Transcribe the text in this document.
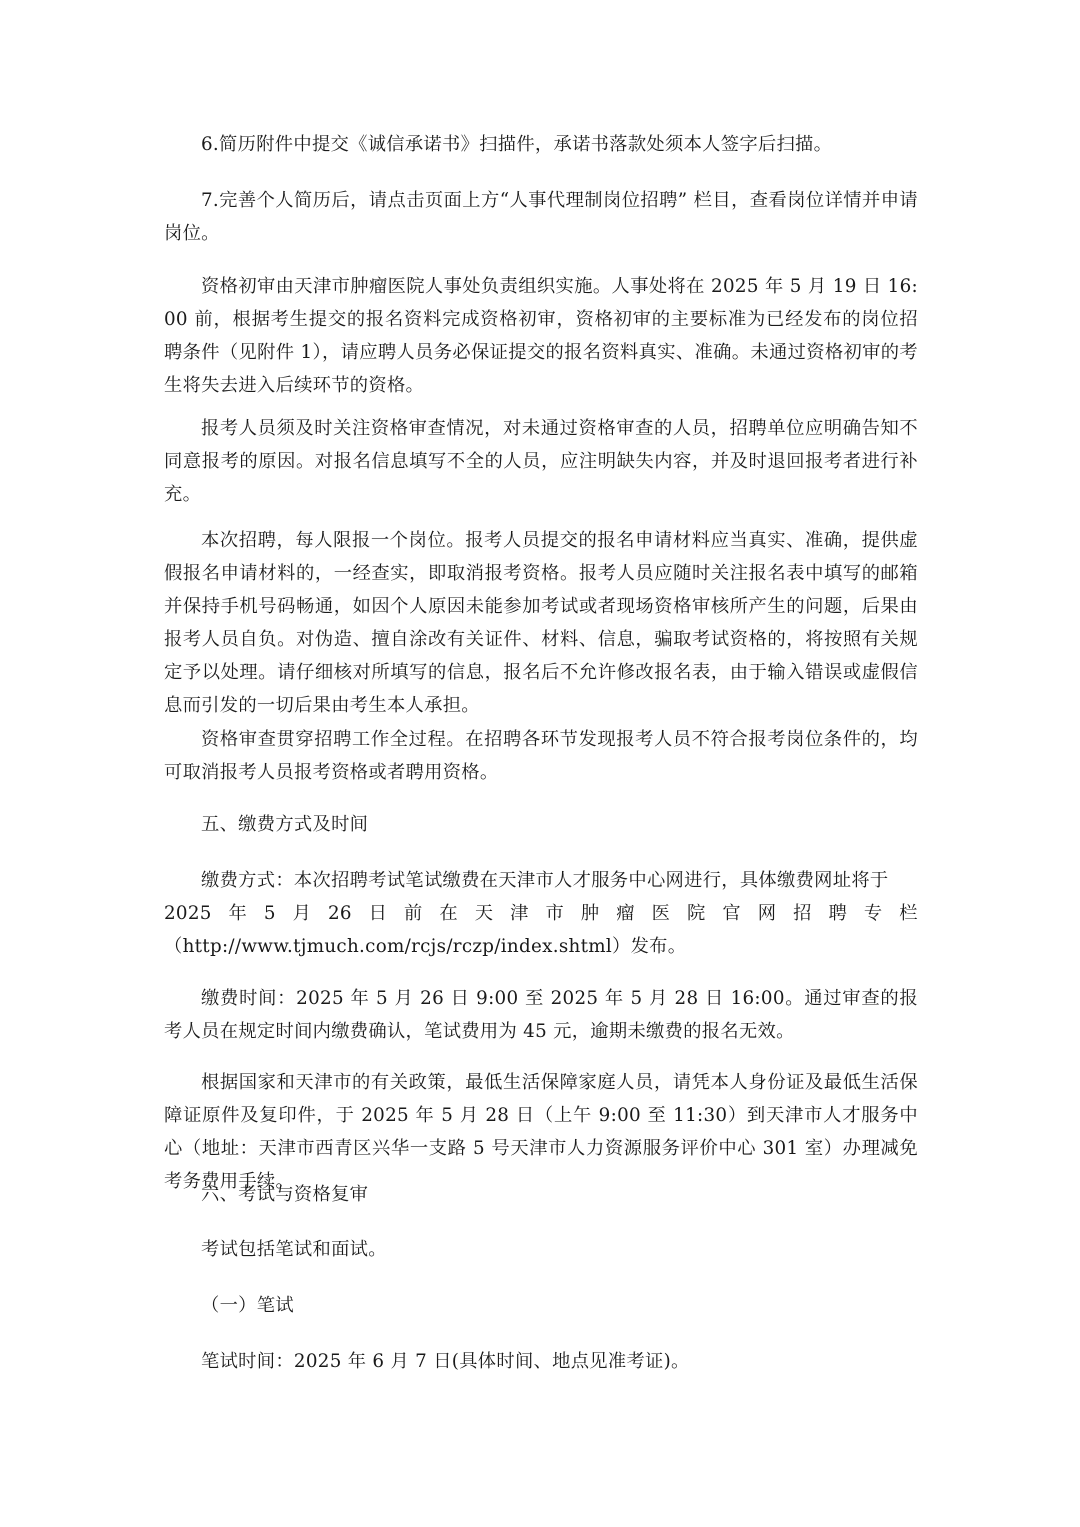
6.简历附件中提交《诚信承诺书》扫描件，承诺书落款处须本人签字后扫描。

7.完善个人简历后，请点击页面上方“人事代理制岗位招聘” 栏目，查看岗位详情并申请岗位。

资格初审由天津市肿瘤医院人事处负责组织实施。人事处将在 2025 年 5 月 19 日 16:00 前，根据考生提交的报名资料完成资格初审，资格初审的主要标准为已经发布的岗位招聘条件（见附件 1），请应聘人员务必保证提交的报名资料真实、准确。未通过资格初审的考生将失去进入后续环节的资格。

报考人员须及时关注资格审查情况，对未通过资格审查的人员，招聘单位应明确告知不同意报考的原因。对报名信息填写不全的人员，应注明缺失内容，并及时退回报考者进行补充。

本次招聘，每人限报一个岗位。报考人员提交的报名申请材料应当真实、准确，提供虚假报名申请材料的，一经查实，即取消报考资格。报考人员应随时关注报名表中填写的邮箱并保持手机号码畅通，如因个人原因未能参加考试或者现场资格审核所产生的问题，后果由报考人员自负。对伪造、擅自涂改有关证件、材料、信息，骗取考试资格的，将按照有关规定予以处理。请仔细核对所填写的信息，报名后不允许修改报名表，由于输入错误或虚假信息而引发的一切后果由考生本人承担。

资格审查贯穿招聘工作全过程。在招聘各环节发现报考人员不符合报考岗位条件的，均可取消报考人员报考资格或者聘用资格。

五、缴费方式及时间

缴费方式：本次招聘考试笔试缴费在天津市人才服务中心网进行，具体缴费网址将于

2025 年 5 月 26 日 前 在 天 津 市 肿 瘤 医 院 官 网 招 聘 专 栏

（http://www.tjmuch.com/rcjs/rczp/index.shtml）发布。

缴费时间：2025 年 5 月 26 日 9:00 至 2025 年 5 月 28 日 16:00。通过审查的报考人员在规定时间内缴费确认，笔试费用为 45 元，逾期未缴费的报名无效。

根据国家和天津市的有关政策，最低生活保障家庭人员，请凭本人身份证及最低生活保障证原件及复印件，于 2025 年 5 月 28 日（上午 9:00 至 11:30）到天津市人才服务中心（地址：天津市西青区兴华一支路 5 号天津市人力资源服务评价中心 301 室）办理减免考务费用手续。

六、考试与资格复审

考试包括笔试和面试。

（一）笔试

笔试时间：2025 年 6 月 7 日(具体时间、地点见准考证)。
